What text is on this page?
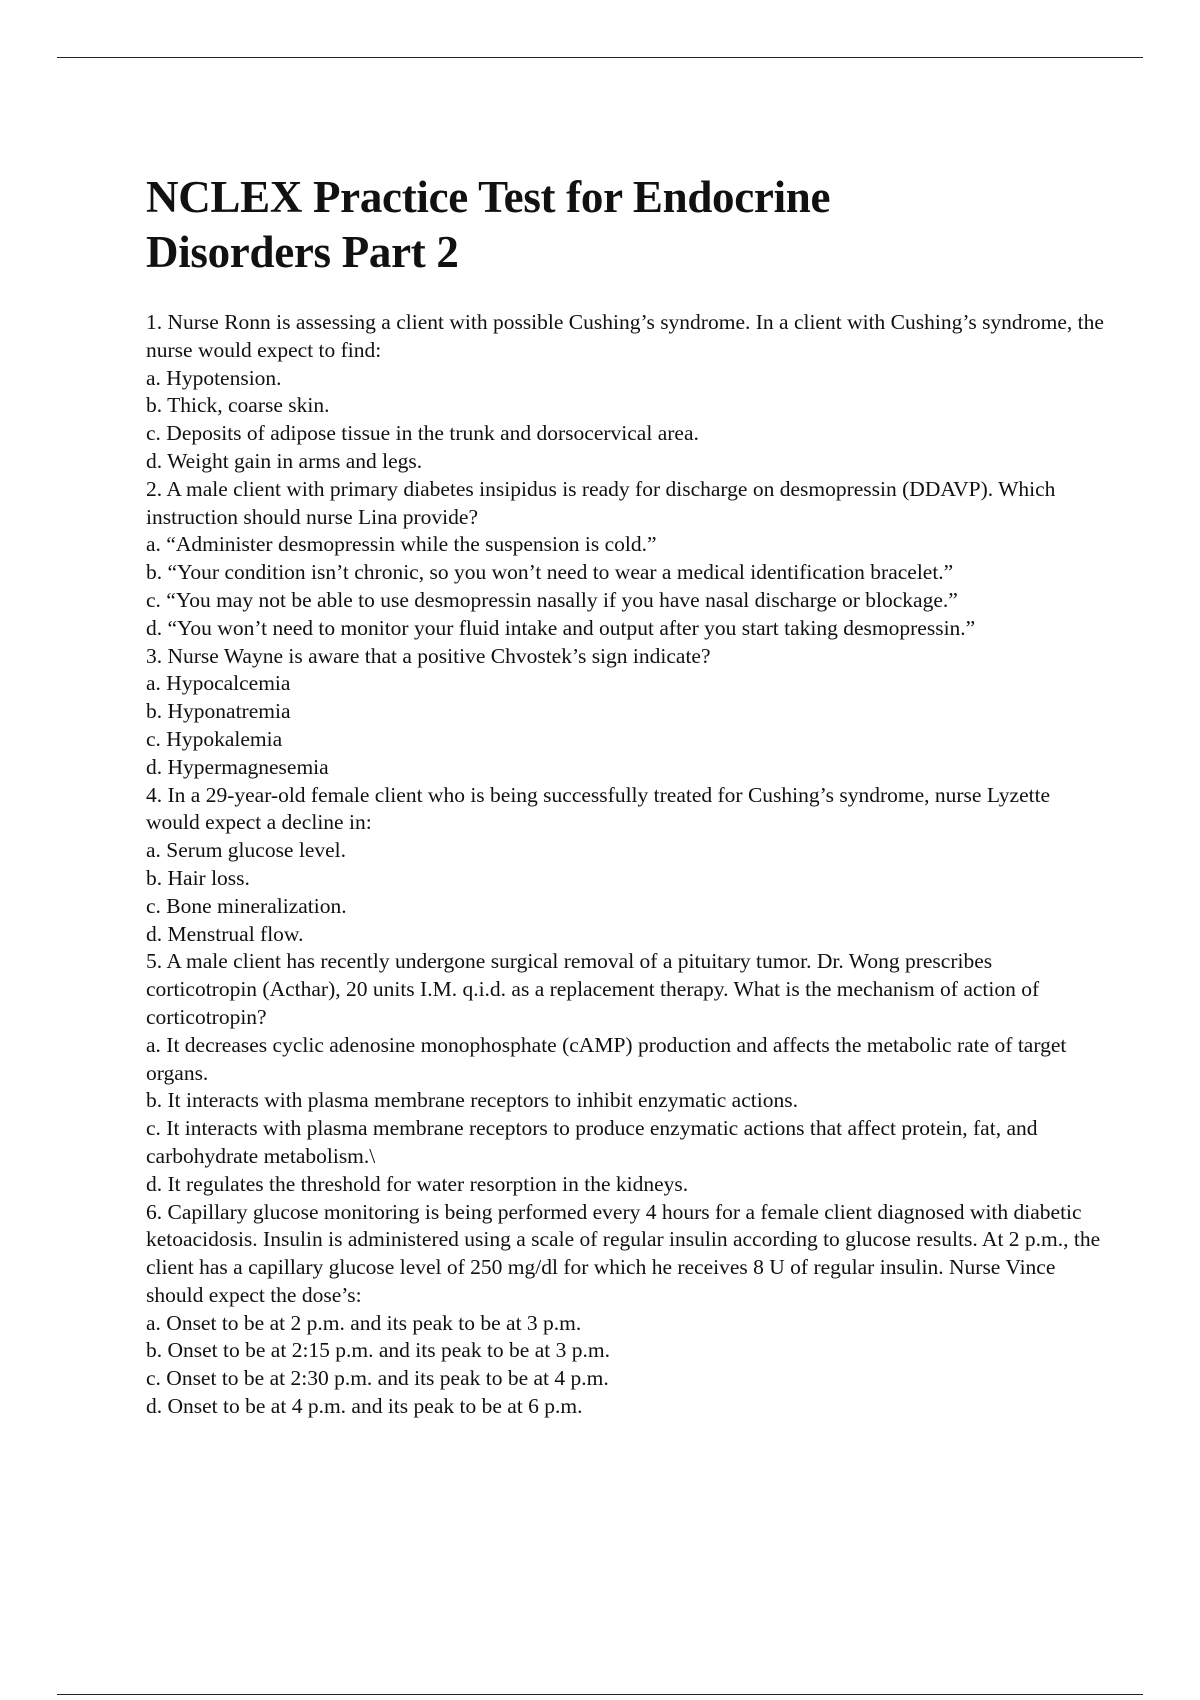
NCLEX Practice Test for Endocrine
Disorders Part 2

1. Nurse Ronn is assessing a client with possible Cushing’s syndrome. In a client with Cushing’s syndrome, the nurse would expect to find:

a. Hypotension.

b. Thick, coarse skin.

c. Deposits of adipose tissue in the trunk and dorsocervical area.

d. Weight gain in arms and legs.

2. A male client with primary diabetes insipidus is ready for discharge on desmopressin (DDAVP). Which instruction should nurse Lina provide?

a. “Administer desmopressin while the suspension is cold.”

b. “Your condition isn’t chronic, so you won’t need to wear a medical identification bracelet.”

c. “You may not be able to use desmopressin nasally if you have nasal discharge or blockage.”

d. “You won’t need to monitor your fluid intake and output after you start taking desmopressin.”

3. Nurse Wayne is aware that a positive Chvostek’s sign indicate?

a. Hypocalcemia

b. Hyponatremia

c. Hypokalemia

d. Hypermagnesemia

4. In a 29-year-old female client who is being successfully treated for Cushing’s syndrome, nurse Lyzette would expect a decline in:

a. Serum glucose level.

b. Hair loss.

c. Bone mineralization.

d. Menstrual flow.

5. A male client has recently undergone surgical removal of a pituitary tumor. Dr. Wong prescribes corticotropin (Acthar), 20 units I.M. q.i.d. as a replacement therapy. What is the mechanism of action of corticotropin?

a. It decreases cyclic adenosine monophosphate (cAMP) production and affects the metabolic rate of target organs.

b. It interacts with plasma membrane receptors to inhibit enzymatic actions.

c. It interacts with plasma membrane receptors to produce enzymatic actions that affect protein, fat, and carbohydrate metabolism.\

d. It regulates the threshold for water resorption in the kidneys.

6. Capillary glucose monitoring is being performed every 4 hours for a female client diagnosed with diabetic ketoacidosis. Insulin is administered using a scale of regular insulin according to glucose results. At 2 p.m., the client has a capillary glucose level of 250 mg/dl for which he receives 8 U of regular insulin. Nurse Vince should expect the dose’s:

a. Onset to be at 2 p.m. and its peak to be at 3 p.m.

b. Onset to be at 2:15 p.m. and its peak to be at 3 p.m.

c. Onset to be at 2:30 p.m. and its peak to be at 4 p.m.

d. Onset to be at 4 p.m. and its peak to be at 6 p.m.
